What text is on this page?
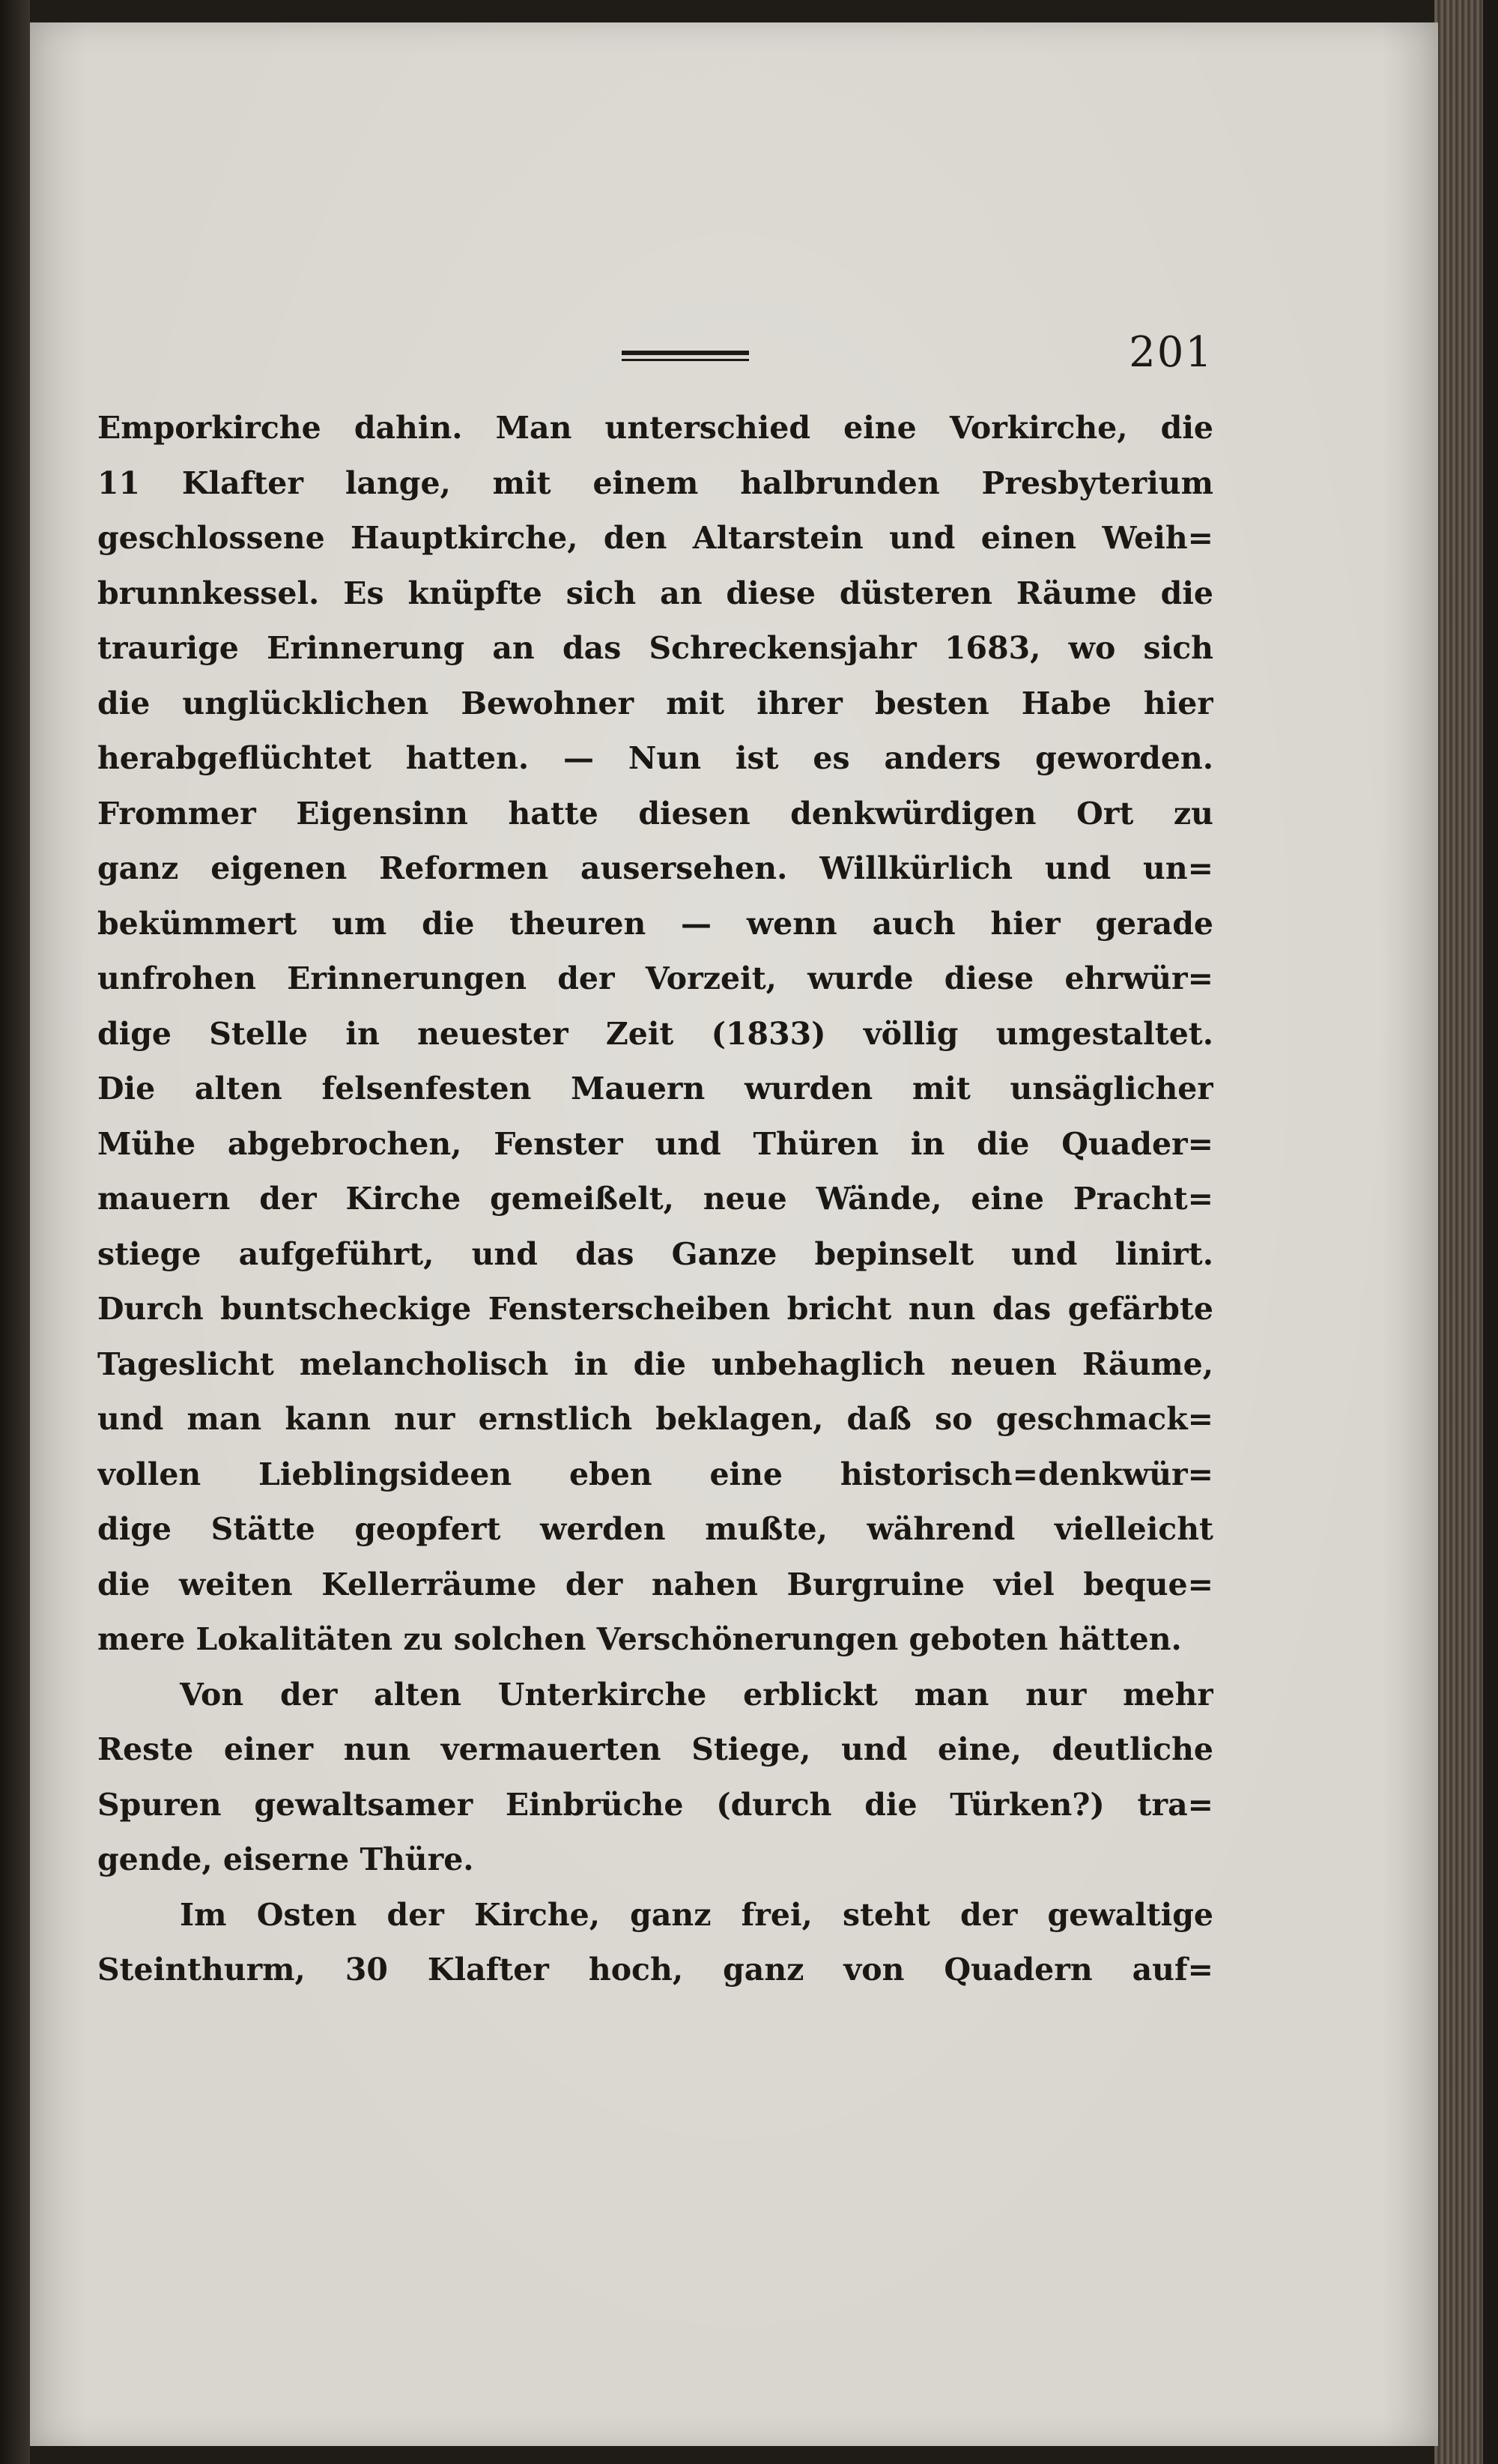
201
Emporkirche dahin. Man unterschied eine Vorkirche, die
11 Klafter lange, mit einem halbrunden Presbyterium
geschlossene Hauptkirche, den Altarstein und einen Weih=
brunnkessel. Es knüpfte sich an diese düsteren Räume die
traurige Erinnerung an das Schreckensjahr 1683, wo sich
die unglücklichen Bewohner mit ihrer besten Habe hier
herabgeflüchtet hatten. — Nun ist es anders geworden.
Frommer Eigensinn hatte diesen denkwürdigen Ort zu
ganz eigenen Reformen ausersehen. Willkürlich und un=
bekümmert um die theuren — wenn auch hier gerade
unfrohen Erinnerungen der Vorzeit, wurde diese ehrwür=
dige Stelle in neuester Zeit (1833) völlig umgestaltet.
Die alten felsenfesten Mauern wurden mit unsäglicher
Mühe abgebrochen, Fenster und Thüren in die Quader=
mauern der Kirche gemeißelt, neue Wände, eine Pracht=
stiege aufgeführt, und das Ganze bepinselt und linirt.
Durch buntscheckige Fensterscheiben bricht nun das gefärbte
Tageslicht melancholisch in die unbehaglich neuen Räume,
und man kann nur ernstlich beklagen, daß so geschmack=
vollen Lieblingsideen eben eine historisch=denkwür=
dige Stätte geopfert werden mußte, während vielleicht
die weiten Kellerräume der nahen Burgruine viel beque=
mere Lokalitäten zu solchen Verschönerungen geboten hätten.
Von der alten Unterkirche erblickt man nur mehr
Reste einer nun vermauerten Stiege, und eine, deutliche
Spuren gewaltsamer Einbrüche (durch die Türken?) tra=
gende, eiserne Thüre.
Im Osten der Kirche, ganz frei, steht der gewaltige
Steinthurm, 30 Klafter hoch, ganz von Quadern auf=
